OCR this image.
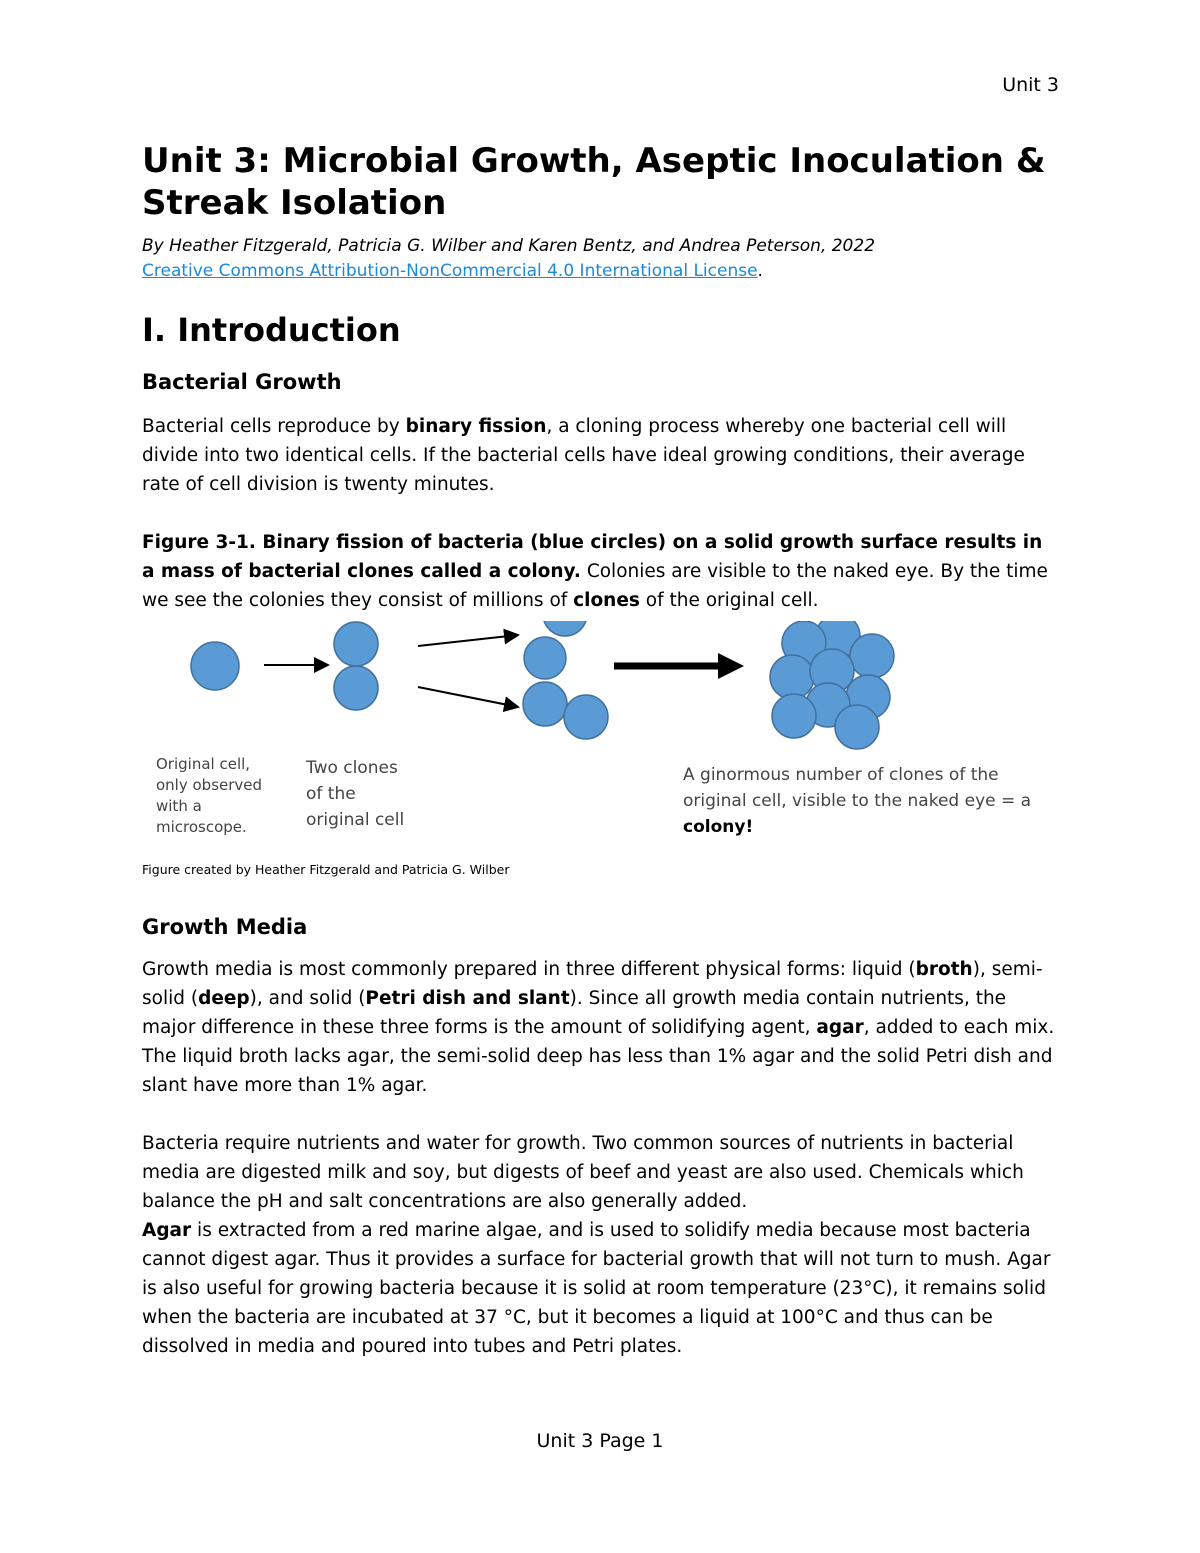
Unit 3
Unit 3: Microbial Growth, Aseptic Inoculation & Streak Isolation

By Heather Fitzgerald, Patricia G. Wilber and Karen Bentz, and Andrea Peterson, 2022

Creative Commons Attribution-NonCommercial 4.0 International License.

I. Introduction
Bacterial Growth

Bacterial cells reproduce by binary fission, a cloning process whereby one bacterial cell will divide into two identical cells. If the bacterial cells have ideal growing conditions, their average rate of cell division is twenty minutes.

Figure 3-1. Binary fission of bacteria (blue circles) on a solid growth surface results in a mass of bacterial clones called a colony. Colonies are visible to the naked eye. By the time we see the colonies they consist of millions of clones of the original cell.

Original cell, only observed with a microscope.
Two clones of the original cell
A ginormous number of clones of the original cell, visible to the naked eye = a colony!

Figure created by Heather Fitzgerald and Patricia G. Wilber

Growth Media

Growth media is most commonly prepared in three different physical forms: liquid (broth), semi-solid (deep), and solid (Petri dish and slant). Since all growth media contain nutrients, the major difference in these three forms is the amount of solidifying agent, agar, added to each mix. The liquid broth lacks agar, the semi-solid deep has less than 1% agar and the solid Petri dish and slant have more than 1% agar.

Bacteria require nutrients and water for growth. Two common sources of nutrients in bacterial media are digested milk and soy, but digests of beef and yeast are also used. Chemicals which balance the pH and salt concentrations are also generally added.

Agar is extracted from a red marine algae, and is used to solidify media because most bacteria cannot digest agar. Thus it provides a surface for bacterial growth that will not turn to mush. Agar is also useful for growing bacteria because it is solid at room temperature (23°C), it remains solid when the bacteria are incubated at 37 °C, but it becomes a liquid at 100°C and thus can be dissolved in media and poured into tubes and Petri plates.

Unit 3 Page 1
